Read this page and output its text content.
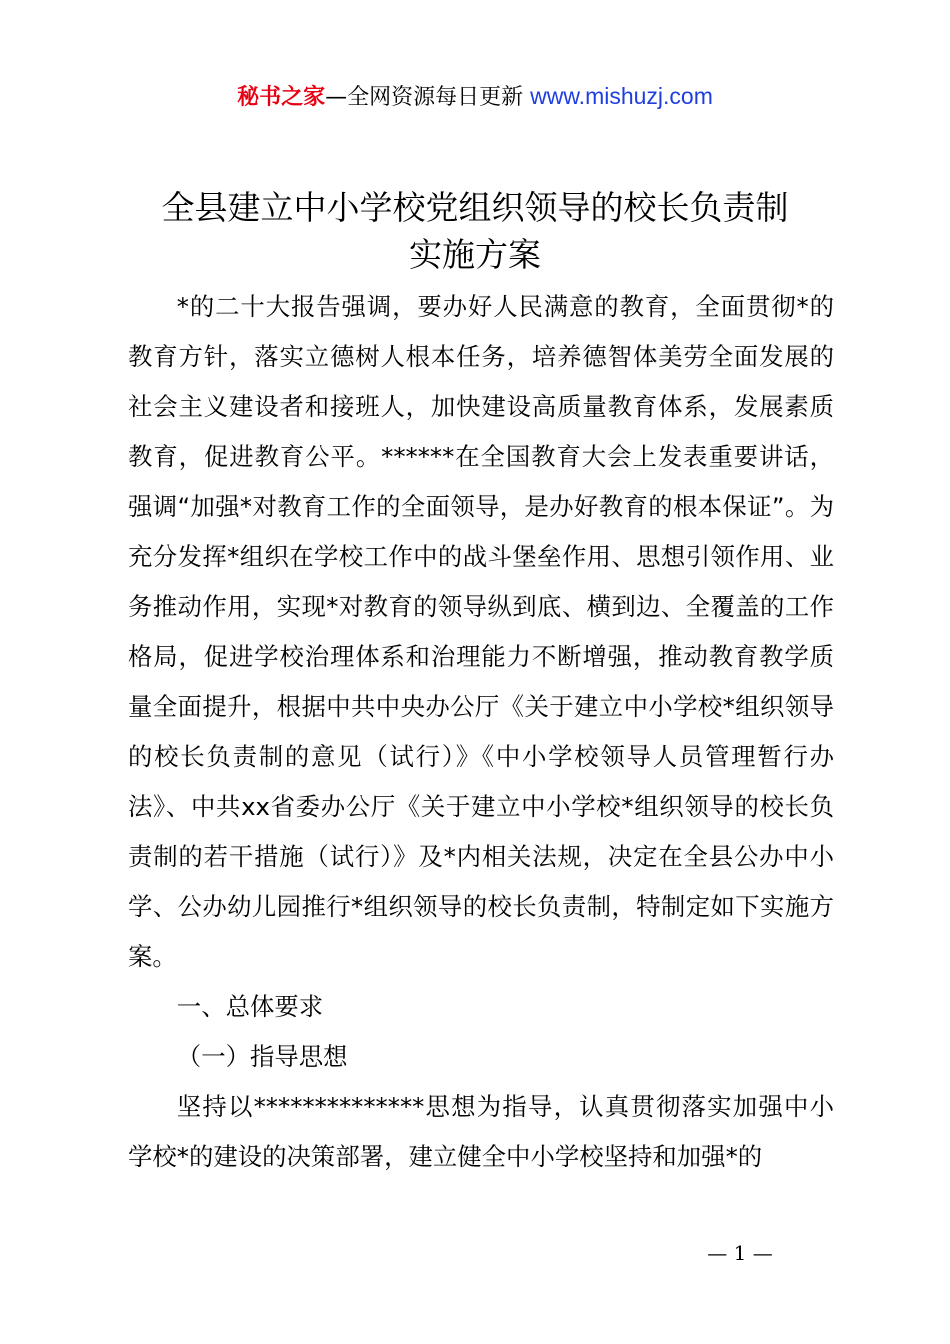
秘书之家—全网资源每日更新 www.mishuzj.com
全县建立中小学校党组织领导的校长负责制
实施方案

*的二十大报告强调，要办好人民满意的教育，全面贯彻*的教育方针，落实立德树人根本任务，培养德智体美劳全面发展的社会主义建设者和接班人，加快建设高质量教育体系，发展素质教育，促进教育公平。******在全国教育大会上发表重要讲话，强调“加强*对教育工作的全面领导，是办好教育的根本保证”。为充分发挥*组织在学校工作中的战斗堡垒作用、思想引领作用、业务推动作用，实现*对教育的领导纵到底、横到边、全覆盖的工作格局，促进学校治理体系和治理能力不断增强，推动教育教学质量全面提升，根据中共中央办公厅《关于建立中小学校*组织领导的校长负责制的意见（试行）》《中小学校领导人员管理暂行办法》、中共xx省委办公厅《关于建立中小学校*组织领导的校长负责制的若干措施（试行）》及*内相关法规，决定在全县公办中小学、公办幼儿园推行*组织领导的校长负责制，特制定如下实施方案。

一、总体要求

（一）指导思想

坚持以**************思想为指导，认真贯彻落实加强中小学校*的建设的决策部署，建立健全中小学校坚持和加强*的

— 1 —
